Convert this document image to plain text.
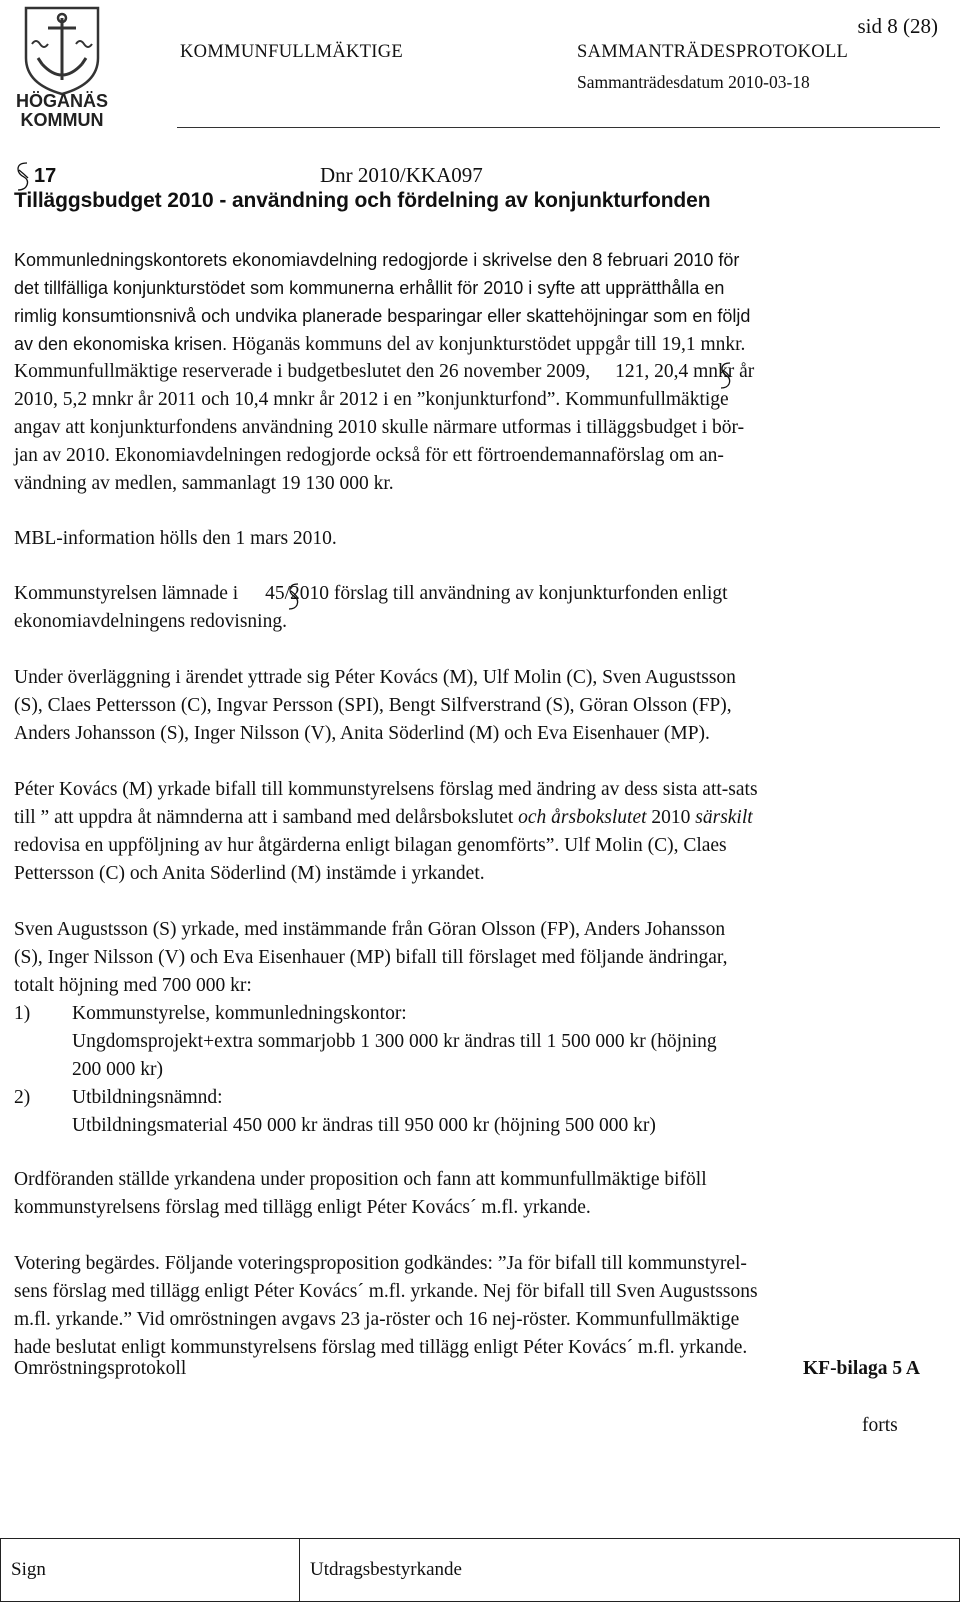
HÖGANÄS
KOMMUN
sid 8 (28)
KOMMUNFULLMÄKTIGE	SAMMANTRÄDESPROTOKOLL
Sammanträdesdatum 2010-03-18
17	Dnr 2010/KKA097
Tilläggsbudget 2010 - användning och fördelning av konjunkturfonden
Kommunledningskontorets ekonomiavdelning redogjorde i skrivelse den 8 februari 2010 för
det tillfälliga konjunkturstödet som kommunerna erhållit för 2010 i syfte att upprätthålla en
rimlig konsumtionsnivå och undvika planerade besparingar eller skattehöjningar som en följd
av den ekonomiska krisen. Höganäs kommuns del av konjunkturstödet uppgår till 19,1 mnkr.
Kommunfullmäktige reserverade i budgetbeslutet den 26 november 2009, 121, 20,4 mnkr år
2010, 5,2 mnkr år 2011 och 10,4 mnkr år 2012 i en ”konjunkturfond”. Kommunfullmäktige
angav att konjunkturfondens användning 2010 skulle närmare utformas i tilläggsbudget i bör-
jan av 2010. Ekonomiavdelningen redogjorde också för ett förtroendemannaförslag om an-
vändning av medlen, sammanlagt 19 130 000 kr.
MBL-information hölls den 1 mars 2010.
Kommunstyrelsen lämnade i 45/2010 förslag till användning av konjunkturfonden enligt
ekonomiavdelningens redovisning.
Under överläggning i ärendet yttrade sig Péter Kovács (M), Ulf Molin (C), Sven Augustsson
(S), Claes Pettersson (C), Ingvar Persson (SPI), Bengt Silfverstrand (S), Göran Olsson (FP),
Anders Johansson (S), Inger Nilsson (V), Anita Söderlind (M) och Eva Eisenhauer (MP).
Péter Kovács (M) yrkade bifall till kommunstyrelsens förslag med ändring av dess sista att-sats
till ” att uppdra åt nämnderna att i samband med delårsbokslutet och årsbokslutet 2010 särskilt
redovisa en uppföljning av hur åtgärderna enligt bilagan genomförts”. Ulf Molin (C), Claes
Pettersson (C) och Anita Söderlind (M) instämde i yrkandet.
Sven Augustsson (S) yrkade, med instämmande från Göran Olsson (FP), Anders Johansson
(S), Inger Nilsson (V) och Eva Eisenhauer (MP) bifall till förslaget med följande ändringar,
totalt höjning med 700 000 kr:
1)	Kommunstyrelse, kommunledningskontor:
Ungdomsprojekt+extra sommarjobb 1 300 000 kr ändras till 1 500 000 kr (höjning
200 000 kr)
2)	Utbildningsnämnd:
Utbildningsmaterial 450 000 kr ändras till 950 000 kr (höjning 500 000 kr)
Ordföranden ställde yrkandena under proposition och fann att kommunfullmäktige biföll
kommunstyrelsens förslag med tillägg enligt Péter Kovács´ m.fl. yrkande.
Votering begärdes. Följande voteringsproposition godkändes: ”Ja för bifall till kommunstyrel-
sens förslag med tillägg enligt Péter Kovács´ m.fl. yrkande. Nej för bifall till Sven Augustssons
m.fl. yrkande.” Vid omröstningen avgavs 23 ja-röster och 16 nej-röster. Kommunfullmäktige
hade beslutat enligt kommunstyrelsens förslag med tillägg enligt Péter Kovács´ m.fl. yrkande.
Omröstningsprotokoll	KF-bilaga 5 A
forts
Sign	Utdragsbestyrkande
